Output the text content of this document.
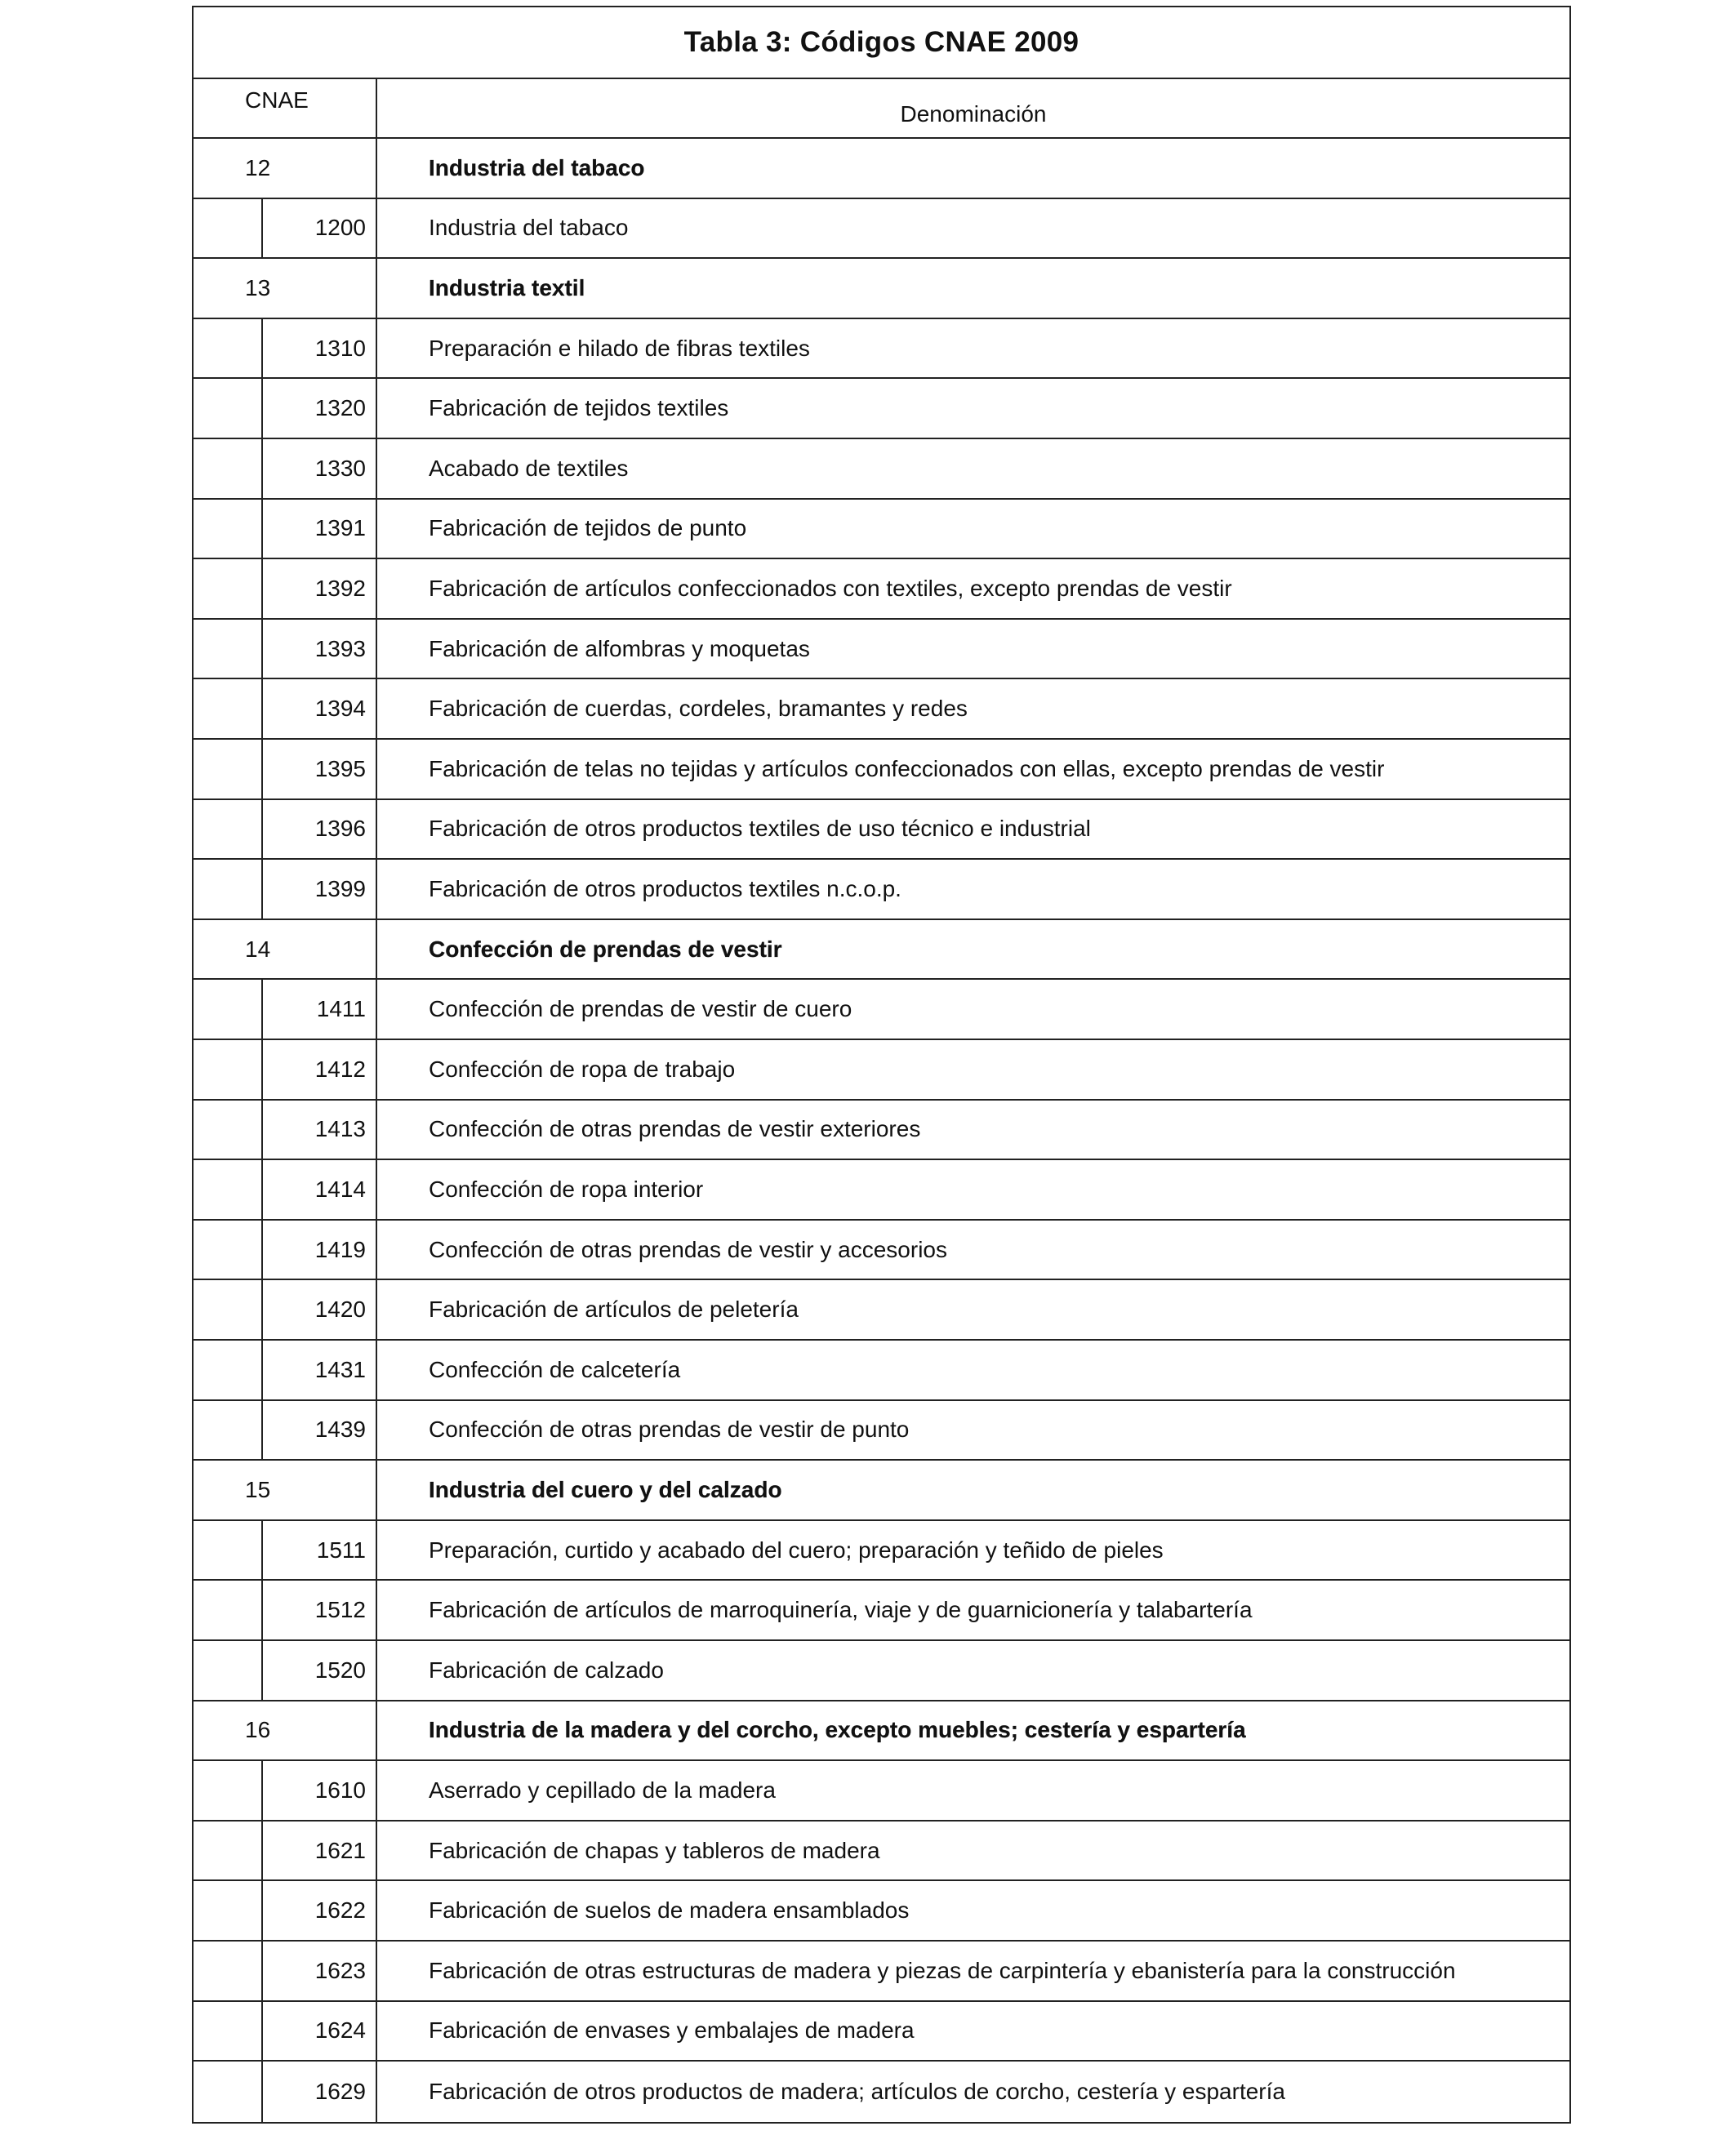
Tabla 3: Códigos CNAE 2009
CNAE
Denominación
12	Industria del tabaco
1200	Industria del tabaco
13	Industria textil
1310	Preparación e hilado de fibras textiles
1320	Fabricación de tejidos textiles
1330	Acabado de textiles
1391	Fabricación de tejidos de punto
1392	Fabricación de artículos confeccionados con textiles, excepto prendas de vestir
1393	Fabricación de alfombras y moquetas
1394	Fabricación de cuerdas, cordeles, bramantes y redes
1395	Fabricación de telas no tejidas y artículos confeccionados con ellas, excepto prendas de vestir
1396	Fabricación de otros productos textiles de uso técnico e industrial
1399	Fabricación de otros productos textiles n.c.o.p.
14	Confección de prendas de vestir
1411	Confección de prendas de vestir de cuero
1412	Confección de ropa de trabajo
1413	Confección de otras prendas de vestir exteriores
1414	Confección de ropa interior
1419	Confección de otras prendas de vestir y accesorios
1420	Fabricación de artículos de peletería
1431	Confección de calcetería
1439	Confección de otras prendas de vestir de punto
15	Industria del cuero y del calzado
1511	Preparación, curtido y acabado del cuero; preparación y teñido de pieles
1512	Fabricación de artículos de marroquinería, viaje y de guarnicionería y talabartería
1520	Fabricación de calzado
16	Industria de la madera y del corcho, excepto muebles; cestería y espartería
1610	Aserrado y cepillado de la madera
1621	Fabricación de chapas y tableros de madera
1622	Fabricación de suelos de madera ensamblados
1623	Fabricación de otras estructuras de madera y piezas de carpintería y ebanistería para la construcción
1624	Fabricación de envases y embalajes de madera
1629	Fabricación de otros productos de madera; artículos de corcho, cestería y espartería
